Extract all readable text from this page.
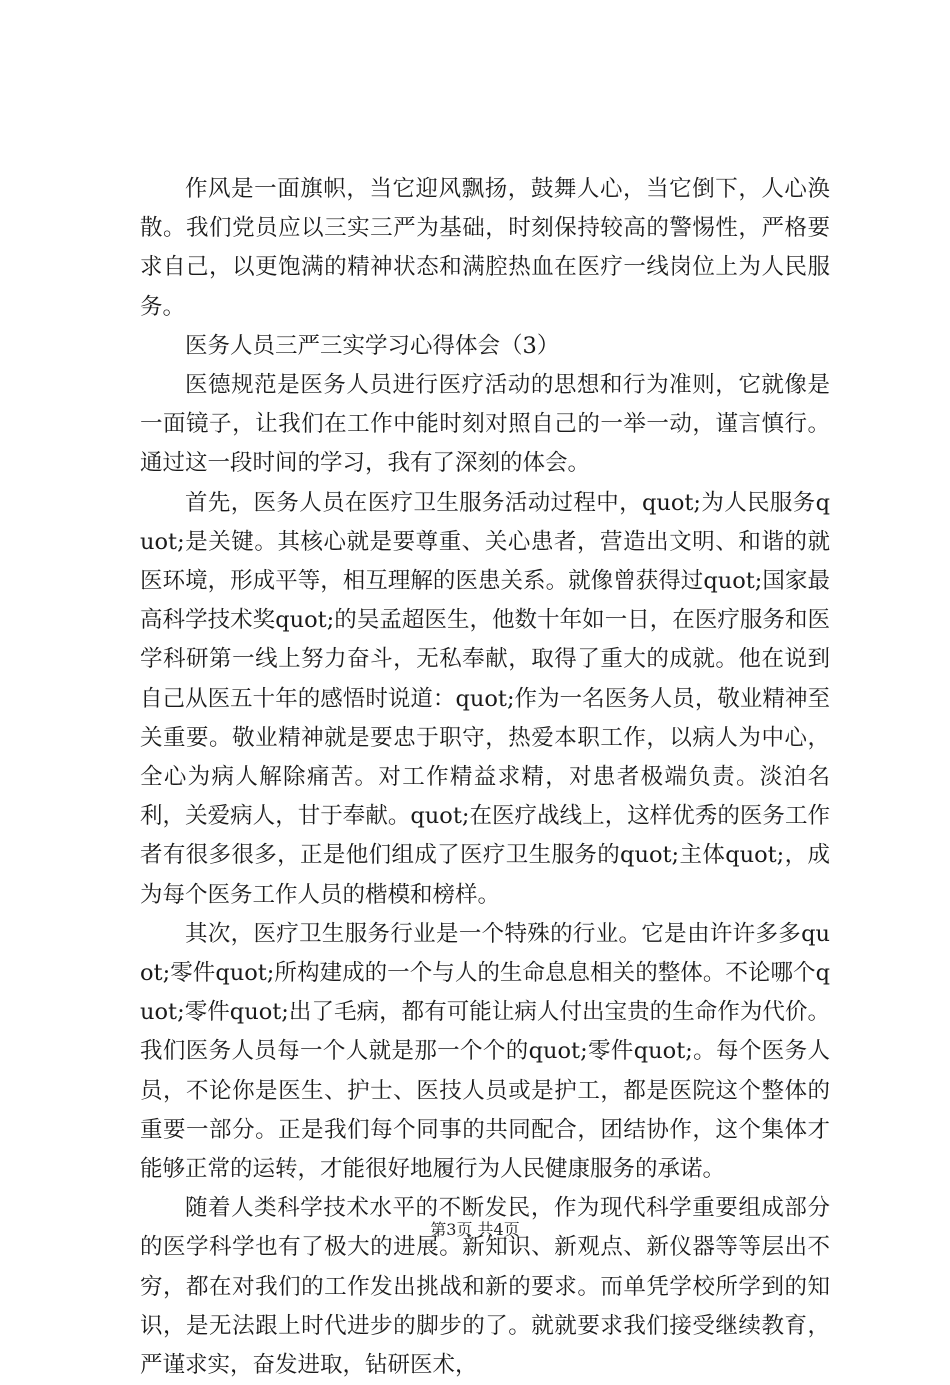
作风是一面旗帜，当它迎风飘扬，鼓舞人心，当它倒下，人心涣散。我们党员应以三实三严为基础，时刻保持较高的警惕性，严格要求自己，以更饱满的精神状态和满腔热血在医疗一线岗位上为人民服务。

医务人员三严三实学习心得体会（3）

医德规范是医务人员进行医疗活动的思想和行为准则，它就像是一面镜子，让我们在工作中能时刻对照自己的一举一动，谨言慎行。通过这一段时间的学习，我有了深刻的体会。

首先，医务人员在医疗卫生服务活动过程中，quot;为人民服务quot;是关键。其核心就是要尊重、关心患者，营造出文明、和谐的就医环境，形成平等，相互理解的医患关系。就像曾获得过quot;国家最高科学技术奖quot;的吴孟超医生，他数十年如一日，在医疗服务和医学科研第一线上努力奋斗，无私奉献，取得了重大的成就。他在说到自己从医五十年的感悟时说道：quot;作为一名医务人员，敬业精神至关重要。敬业精神就是要忠于职守，热爱本职工作，以病人为中心，全心为病人解除痛苦。对工作精益求精，对患者极端负责。淡泊名利，关爱病人，甘于奉献。quot;在医疗战线上，这样优秀的医务工作者有很多很多，正是他们组成了医疗卫生服务的quot;主体quot;，成为每个医务工作人员的楷模和榜样。

其次，医疗卫生服务行业是一个特殊的行业。它是由许许多多quot;零件quot;所构建成的一个与人的生命息息相关的整体。不论哪个quot;零件quot;出了毛病，都有可能让病人付出宝贵的生命作为代价。我们医务人员每一个人就是那一个个的quot;零件quot;。每个医务人员，不论你是医生、护士、医技人员或是护工，都是医院这个整体的重要一部分。正是我们每个同事的共同配合，团结协作，这个集体才能够正常的运转，才能很好地履行为人民健康服务的承诺。

随着人类科学技术水平的不断发民，作为现代科学重要组成部分的医学科学也有了极大的进展。新知识、新观点、新仪器等等层出不穷，都在对我们的工作发出挑战和新的要求。而单凭学校所学到的知识，是无法跟上时代进步的脚步的了。就就要求我们接受继续教育，严谨求实，奋发进取，钻研医术，

第3页 共4页
